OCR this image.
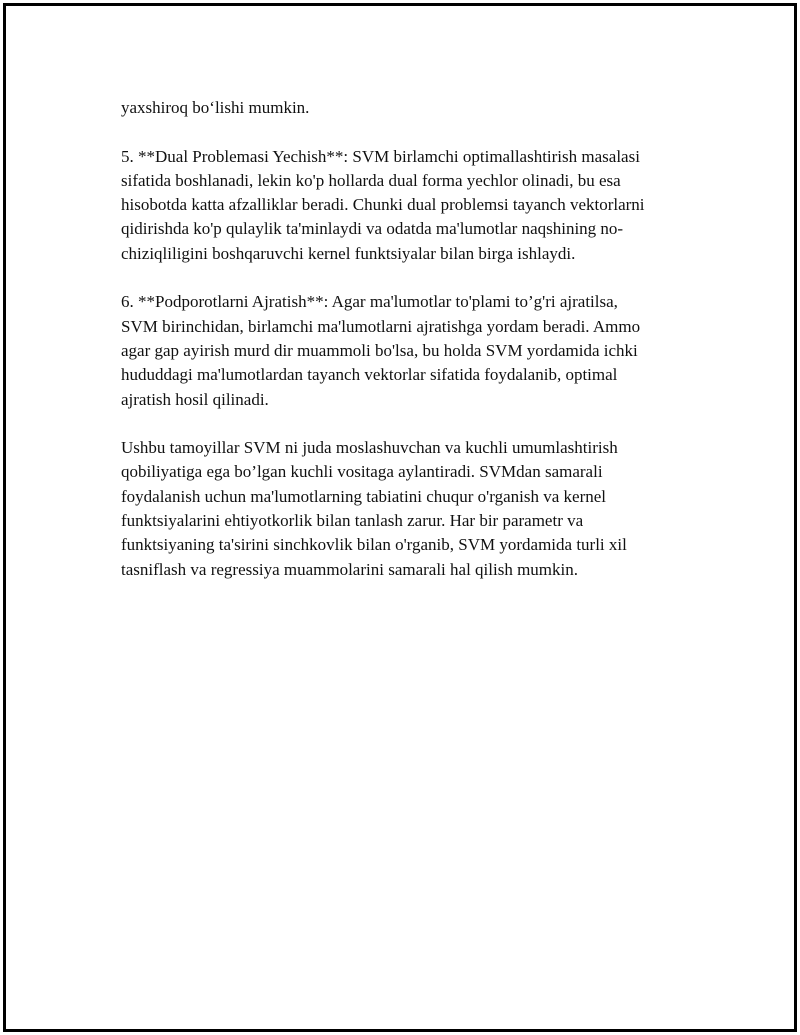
yaxshiroq boʻlishi mumkin.

5. **Dual Problemasi Yechish**: SVM birlamchi optimallashtirish masalasi
sifatida boshlanadi, lekin ko'p hollarda dual forma yechlor olinadi, bu esa
hisobotda katta afzalliklar beradi. Chunki dual problemsi tayanch vektorlarni
qidirishda ko'p qulaylik ta'minlaydi va odatda ma'lumotlar naqshining no-
chiziqliligini boshqaruvchi kernel funktsiyalar bilan birga ishlaydi.

6. **Podporotlarni Ajratish**: Agar ma'lumotlar to'plami to’g'ri ajratilsa,
SVM birinchidan, birlamchi ma'lumotlarni ajratishga yordam beradi. Ammo
agar gap ayirish murd dir muammoli bo'lsa, bu holda SVM yordamida ichki
hududdagi ma'lumotlardan tayanch vektorlar sifatida foydalanib, optimal
ajratish hosil qilinadi.

Ushbu tamoyillar SVM ni juda moslashuvchan va kuchli umumlashtirish
qobiliyatiga ega bo’lgan kuchli vositaga aylantiradi. SVMdan samarali
foydalanish uchun ma'lumotlarning tabiatini chuqur o'rganish va kernel
funktsiyalarini ehtiyotkorlik bilan tanlash zarur. Har bir parametr va
funktsiyaning ta'sirini sinchkovlik bilan o'rganib, SVM yordamida turli xil
tasniflash va regressiya muammolarini samarali hal qilish mumkin.
